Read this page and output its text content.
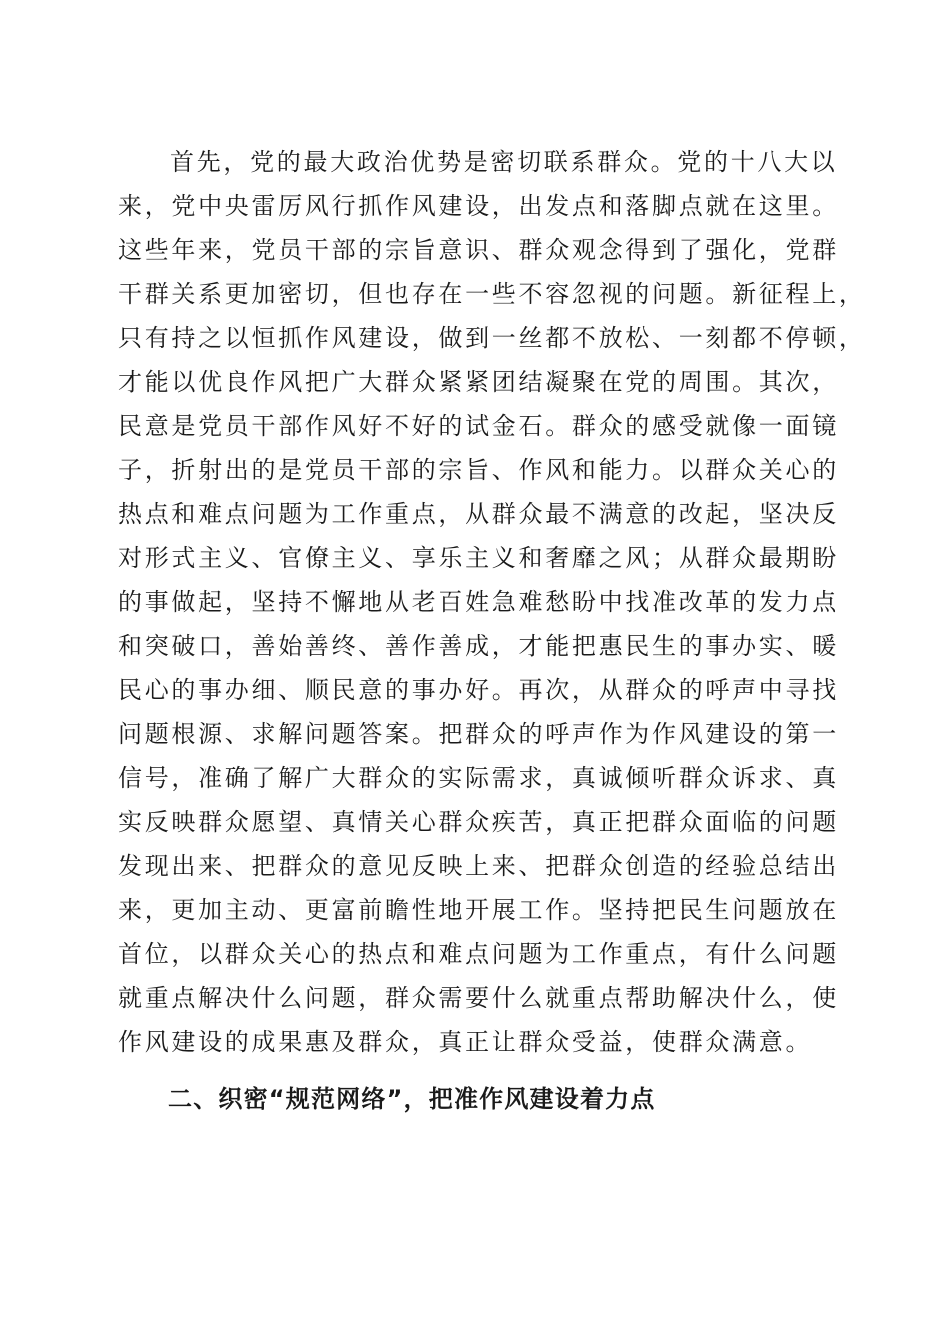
首先，党的最大政治优势是密切联系群众。党的十八大以
来，党中央雷厉风行抓作风建设，出发点和落脚点就在这里。
这些年来，党员干部的宗旨意识、群众观念得到了强化，党群
干群关系更加密切，但也存在一些不容忽视的问题。新征程上，
只有持之以恒抓作风建设，做到一丝都不放松、一刻都不停顿，
才能以优良作风把广大群众紧紧团结凝聚在党的周围。其次，
民意是党员干部作风好不好的试金石。群众的感受就像一面镜
子，折射出的是党员干部的宗旨、作风和能力。以群众关心的
热点和难点问题为工作重点，从群众最不满意的改起，坚决反
对形式主义、官僚主义、享乐主义和奢靡之风；从群众最期盼
的事做起，坚持不懈地从老百姓急难愁盼中找准改革的发力点
和突破口，善始善终、善作善成，才能把惠民生的事办实、暖
民心的事办细、顺民意的事办好。再次，从群众的呼声中寻找
问题根源、求解问题答案。把群众的呼声作为作风建设的第一
信号，准确了解广大群众的实际需求，真诚倾听群众诉求、真
实反映群众愿望、真情关心群众疾苦，真正把群众面临的问题
发现出来、把群众的意见反映上来、把群众创造的经验总结出
来，更加主动、更富前瞻性地开展工作。坚持把民生问题放在
首位，以群众关心的热点和难点问题为工作重点，有什么问题
就重点解决什么问题，群众需要什么就重点帮助解决什么，使
作风建设的成果惠及群众，真正让群众受益，使群众满意。

二、织密“规范网络”，把准作风建设着力点
